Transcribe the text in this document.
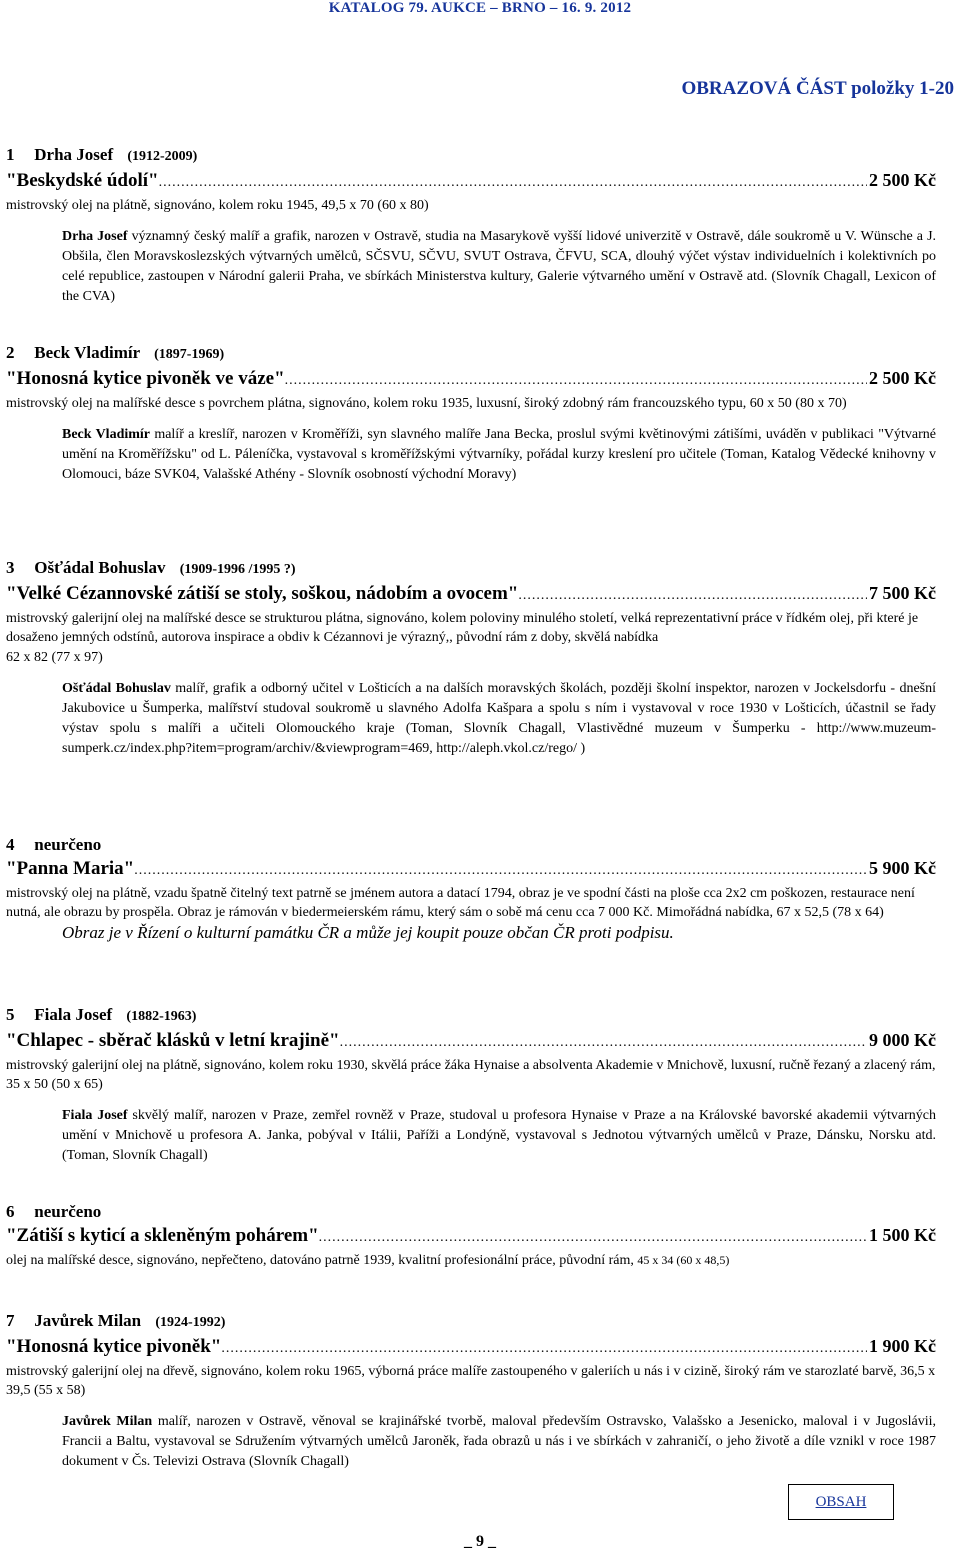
KATALOG 79. AUKCE – BRNO – 16. 9. 2012
OBRAZOVÁ ČÁST položky 1-20
1 Drha Josef (1912-2009)
"Beskydské údolí" .....	2 500 Kč
mistrovský olej na plátně, signováno, kolem roku 1945, 49,5 x 70 (60 x 80)
Drha Josef významný český malíř a grafik, narozen v Ostravě, studia na Masarykově vyšší lidové univerzitě v Ostravě, dále soukromě u V. Wünsche a J. Obšila, člen Moravskoslezských výtvarných umělců, SČSVU, SČVU, SVUT Ostrava, ČFVU, SCA, dlouhý výčet výstav individuelních i kolektivních po celé republice, zastoupen v Národní galerii Praha, ve sbírkách Ministerstva kultury, Galerie výtvarného umění v Ostravě atd. (Slovník Chagall, Lexicon of the CVA)
2 Beck Vladimír (1897-1969)
"Honosná kytice pivoněk ve váze" .....	2 500 Kč
mistrovský olej na malířské desce s povrchem plátna, signováno, kolem roku 1935, luxusní, široký zdobný rám francouzského typu, 60 x 50 (80 x 70)
Beck Vladimír malíř a kreslíř, narozen v Kroměříži, syn slavného malíře Jana Becka, proslul svými květinovými zátišími, uváděn v publikaci "Výtvarné umění na Kroměřížsku" od L. Páleníčka, vystavoval s kroměřížskými výtvarníky, pořádal kurzy kreslení pro učitele (Toman, Katalog Vědecké knihovny v Olomouci, báze SVK04, Valašské Athény - Slovník osobností východní Moravy)
3 Ošťádal Bohuslav (1909-1996 /1995 ?)
"Velké Cézannovské zátiší se stoly, soškou, nádobím a ovocem" .....	7 500 Kč
mistrovský galerijní olej na malířské desce se strukturou plátna, signováno, kolem poloviny minulého století, velká reprezentativní práce v řídkém olej, při které je dosaženo jemných odstínů, autorova inspirace a obdiv k Cézannovi je výrazný,, původní rám z doby, skvělá nabídka
62 x 82 (77 x 97)
Ošťádal Bohuslav malíř, grafik a odborný učitel v Lošticích a na dalších moravských školách, později školní inspektor, narozen v Jockelsdorfu - dnešní Jakubovice u Šumperka, malířství studoval soukromě u slavného Adolfa Kašpara a spolu s ním i vystavoval v roce 1930 v Lošticích, účastnil se řady výstav spolu s malíři a učiteli Olomouckého kraje (Toman, Slovník Chagall, Vlastivědné muzeum v Šumperku - http://www.muzeum-sumperk.cz/index.php?item=program/archiv/&viewprogram=469, http://aleph.vkol.cz/rego/ )
4 neurčeno
"Panna Maria" .....	5 900 Kč
mistrovský olej na plátně, vzadu špatně čitelný text patrně se jménem autora a datací 1794, obraz je ve spodní části na ploše cca 2x2 cm poškozen, restaurace není nutná, ale obrazu by prospěla. Obraz je rámován v biedermeierském rámu, který sám o sobě má cenu cca 7 000 Kč. Mimořádná nabídka, 67 x 52,5 (78 x 64)
Obraz je v Řízení o kulturní památku ČR a může jej koupit pouze občan ČR proti podpisu.
5 Fiala Josef (1882-1963)
"Chlapec - sběrač klásků v letní krajině" .....	9 000 Kč
mistrovský galerijní olej na plátně, signováno, kolem roku 1930, skvělá práce žáka Hynaise a absolventa Akademie v Mnichově, luxusní, ručně řezaný a zlacený rám, 35 x 50 (50 x 65)
Fiala Josef skvělý malíř, narozen v Praze, zemřel rovněž v Praze, studoval u profesora Hynaise v Praze a na Královské bavorské akademii výtvarných umění v Mnichově u profesora A. Janka, pobýval v Itálii, Paříži a Londýně, vystavoval s Jednotou výtvarných umělců v Praze, Dánsku, Norsku atd. (Toman, Slovník Chagall)
6 neurčeno
"Zátiší s kyticí a skleněným pohárem" .....	1 500 Kč
olej na malířské desce, signováno, nepřečteno, datováno patrně 1939, kvalitní profesionální práce, původní rám, 45 x 34 (60 x 48,5)
7 Javůrek Milan (1924-1992)
"Honosná kytice pivoněk" .....	1 900 Kč
mistrovský galerijní olej na dřevě, signováno, kolem roku 1965, výborná práce malíře zastoupeného v galeriích u nás i v cizině, široký rám ve starozlaté barvě, 36,5 x 39,5 (55 x 58)
Javůrek Milan malíř, narozen v Ostravě, věnoval se krajinářské tvorbě, maloval především Ostravsko, Valašsko a Jesenicko, maloval i v Jugoslávii, Francii a Baltu, vystavoval se Sdružením výtvarných umělců Jaroněk, řada obrazů u nás i ve sbírkách v zahraničí, o jeho životě a díle vznikl v roce 1987 dokument v Čs. Televizi Ostrava (Slovník Chagall)
OBSAH
_ 9 _
